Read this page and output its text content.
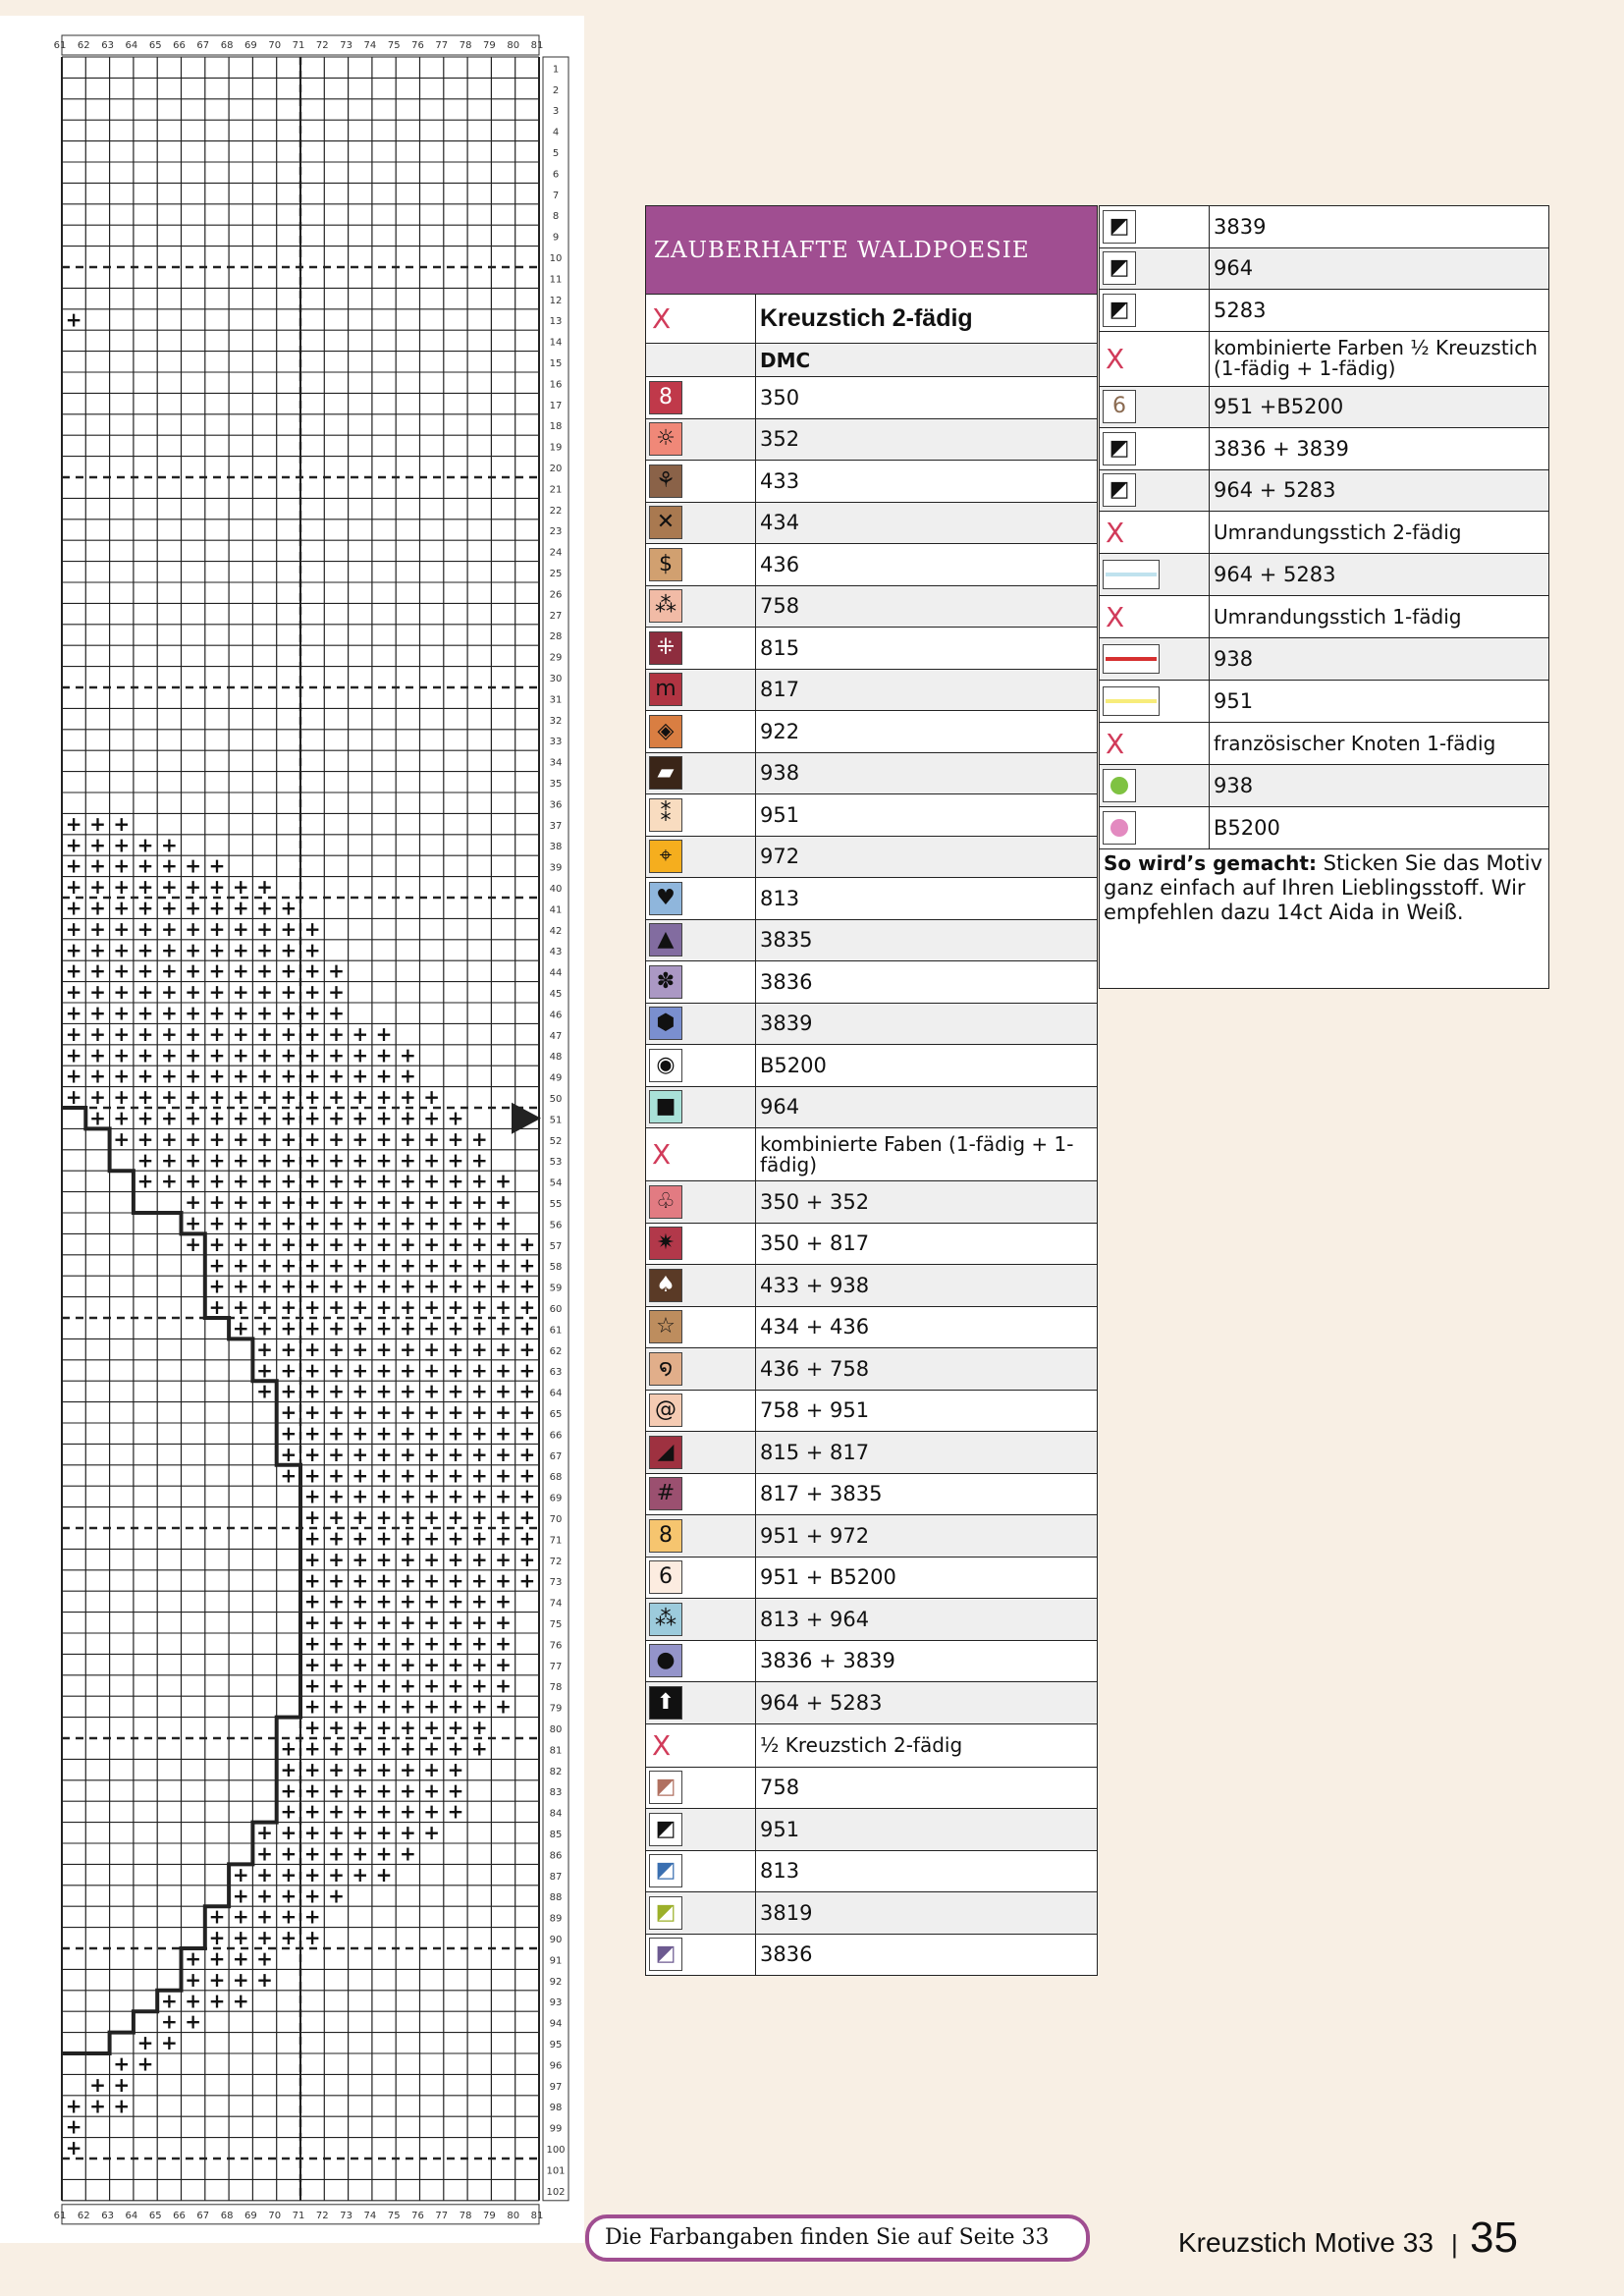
61
61
62
62
63
63
64
64
65
65
66
66
67
67
68
68
69
69
70
70
71
71
72
72
73
73
74
74
75
75
76
76
77
77
78
78
79
79
80
80
81
81
1
2
3
4
5
6
7
8
9
10
11
12
13
14
15
16
17
18
19
20
21
22
23
24
25
26
27
28
29
30
31
32
33
34
35
36
37
38
39
40
41
42
43
44
45
46
47
48
49
50
51
52
53
54
55
56
57
58
59
60
61
62
63
64
65
66
67
68
69
70
71
72
73
74
75
76
77
78
79
80
81
82
83
84
85
86
87
88
89
90
91
92
93
94
95
96
97
98
99
100
101
102
+
+ + +
+ + + + +
+ + + + + + +
+ + + + + + + + +
+ + + + + + + + + +
+ + + + + + + + + + +
+ + + + + + + + + + +
+ + + + + + + + + + + +
+ + + + + + + + + + + +
+ + + + + + + + + + + +
+ + + + + + + + + + + + + +
+ + + + + + + + + + + + + + +
+ + + + + + + + + + + + + + +
+ + + + + + + + + + + + + + + +
+ + + + + + + + + + + + + + + +
+ + + + + + + + + + + + + + + +
+ + + + + + + + + + + + + + +
+ + + + + + + + + + + + + + + +
+ + + + + + + + + + + + + +
+ + + + + + + + + + + + + +
+ + + + + + + + + + + + + + +
+ + + + + + + + + + + + + +
+ + + + + + + + + + + + + +
+ + + + + + + + + + + + + +
+ + + + + + + + + + + + +
+ + + + + + + + + + + +
+ + + + + + + + + + + +
+ + + + + + + + + + + +
+ + + + + + + + + + +
+ + + + + + + + + + +
+ + + + + + + + + + +
+ + + + + + + + + + +
+ + + + + + + + + +
+ + + + + + + + + +
+ + + + + + + + + +
+ + + + + + + + + +
+ + + + + + + + + +
+ + + + + + + + +
+ + + + + + + + +
+ + + + + + + + +
+ + + + + + + + +
+ + + + + + + + +
+ + + + + + + + +
+ + + + + + + +
+ + + + + + + + +
+ + + + + + + +
+ + + + + + + +
+ + + + + + + +
+ + + + + + + +
+ + + + + + +
+ + + + + + +
+ + + + +
+ + + + +
+ + + + +
+ + + +
+ + + +
+ + + +
+ +
+ +
+ +
+ +
+ + +
+
+
ZAUBERHAFTE WALDPOESIE	
X	Kreuzstich 2-fädig
	DMC
8	350
☼	352
⚘	433
✕	434
$	436
⁂	758
⁜	815
m	817
◈	922
▰	938
⁑	951
⌖	972
♥	813
▲	3835
✽	3836
⬢	3839
◉	B5200
■	964
X	kombinierte Faben (1-fädig + 1-fädig)
♧	350 + 352
✷	350 + 817
♠	433 + 938
☆	434 + 436
໑	436 + 758
@	758 + 951
◢	815 + 817
#	817 + 3835
8	951 + 972
6	951 + B5200
⁂	813 + 964
●	3836 + 3839
⬆	964 + 5283
X	½ Kreuzstich 2-fädig
◩	758
◩	951
◩	813
◩	3819
◩	3836
◩	3839
◩	964
◩	5283
X	kombinierte Farben ½ Kreuzstich (1-fädig + 1-fädig)
6	951 +B5200
◩	3836 + 3839
◩	964 + 5283
X	Umrandungsstich 2-fädig

	964 + 5283
X	Umrandungsstich 1-fädig

	938

	951
X	französischer Knoten 1-fädig
	938
	B5200
So wird’s gemacht: Sticken Sie das Motiv ganz einfach auf Ihren Lieblingsstoff. Wir empfehlen dazu 14ct Aida in Weiß.	
Die Farbangaben finden Sie auf Seite 33	Kreuzstich Motive 33 | 35
